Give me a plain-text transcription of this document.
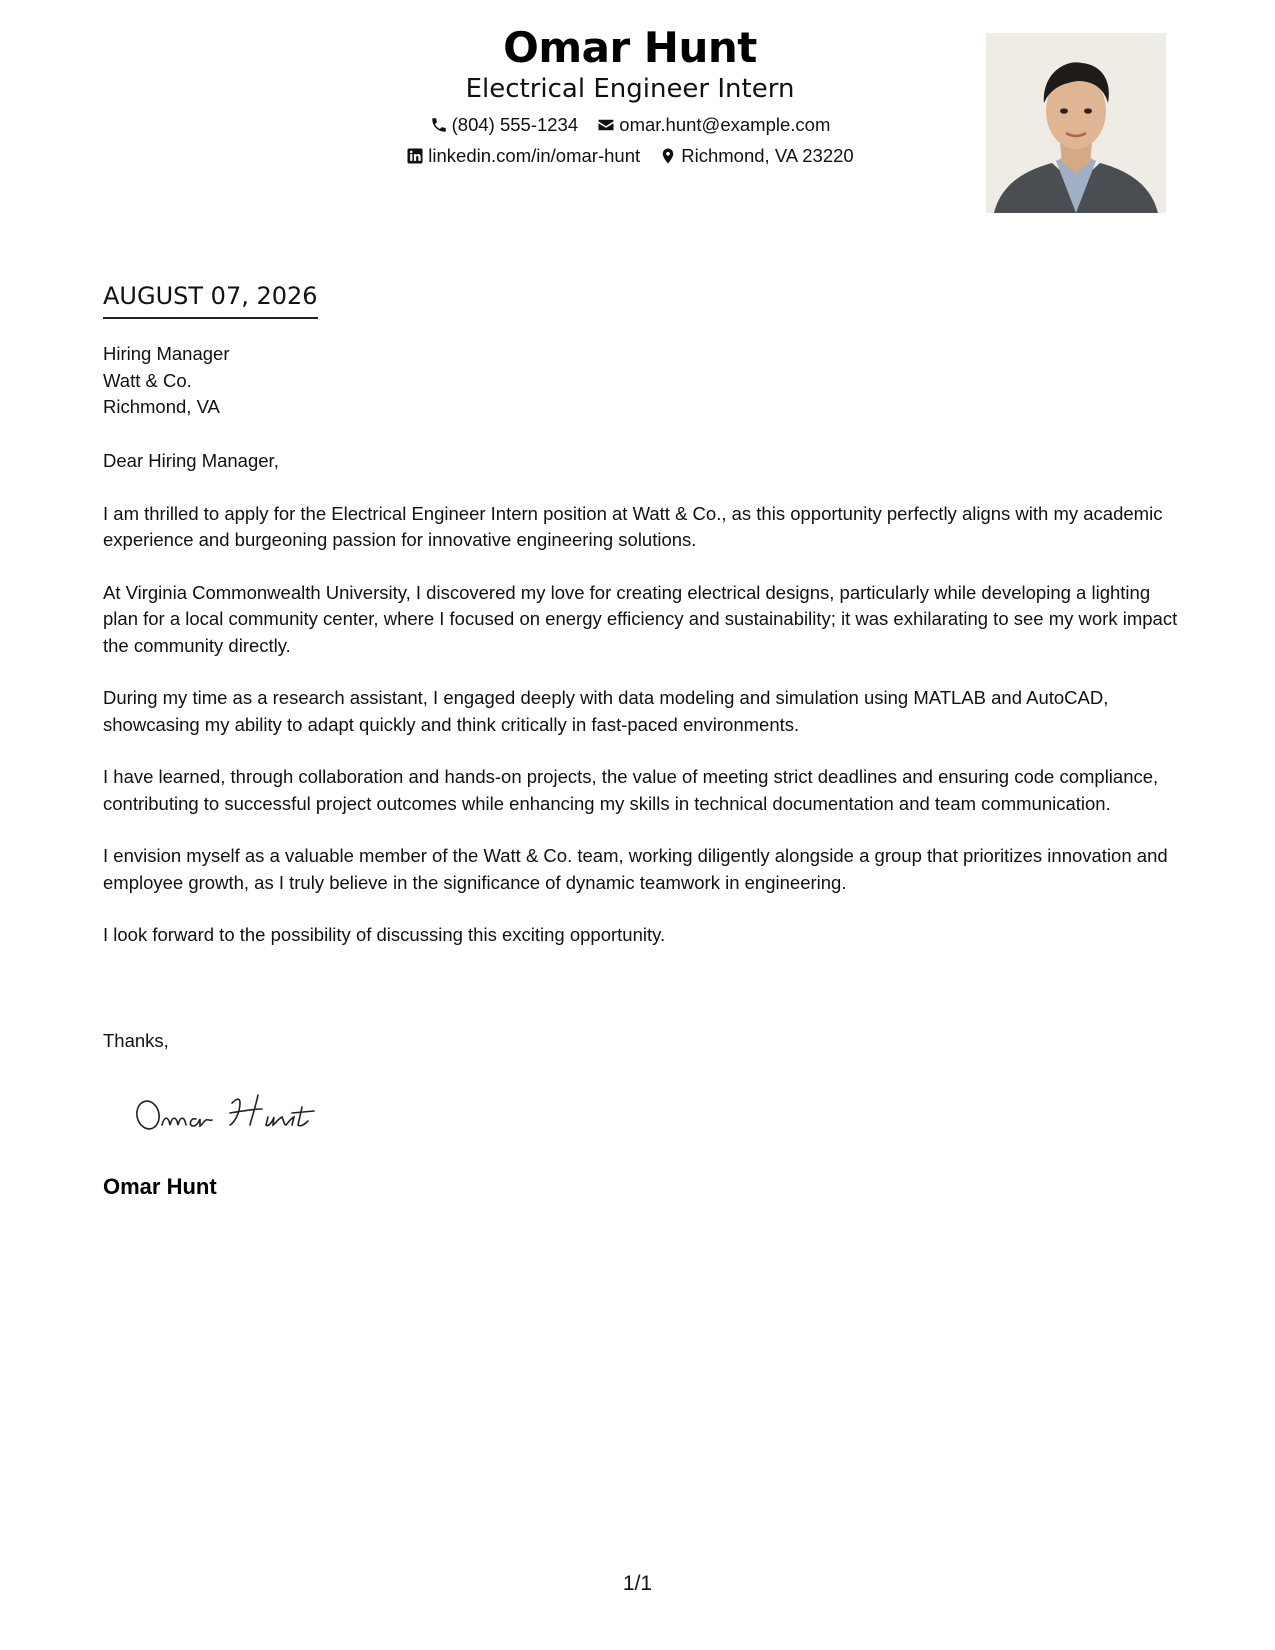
Omar Hunt
Electrical Engineer Intern
(804) 555-1234
omar.hunt@example.com
linkedin.com/in/omar-hunt
Richmond, VA 23220
AUGUST 07, 2026
Hiring Manager
Watt & Co.
Richmond, VA

Dear Hiring Manager,

I am thrilled to apply for the Electrical Engineer Intern position at Watt & Co., as this opportunity perfectly aligns with my academic experience and burgeoning passion for innovative engineering solutions.

At Virginia Commonwealth University, I discovered my love for creating electrical designs, particularly while developing a lighting plan for a local community center, where I focused on energy efficiency and sustainability; it was exhilarating to see my work impact the community directly.

During my time as a research assistant, I engaged deeply with data modeling and simulation using MATLAB and AutoCAD, showcasing my ability to adapt quickly and think critically in fast-paced environments.

I have learned, through collaboration and hands-on projects, the value of meeting strict deadlines and ensuring code compliance, contributing to successful project outcomes while enhancing my skills in technical documentation and team communication.

I envision myself as a valuable member of the Watt & Co. team, working diligently alongside a group that prioritizes innovation and employee growth, as I truly believe in the significance of dynamic teamwork in engineering.

I look forward to the possibility of discussing this exciting opportunity.

Thanks,
Omar Hunt
1/1
